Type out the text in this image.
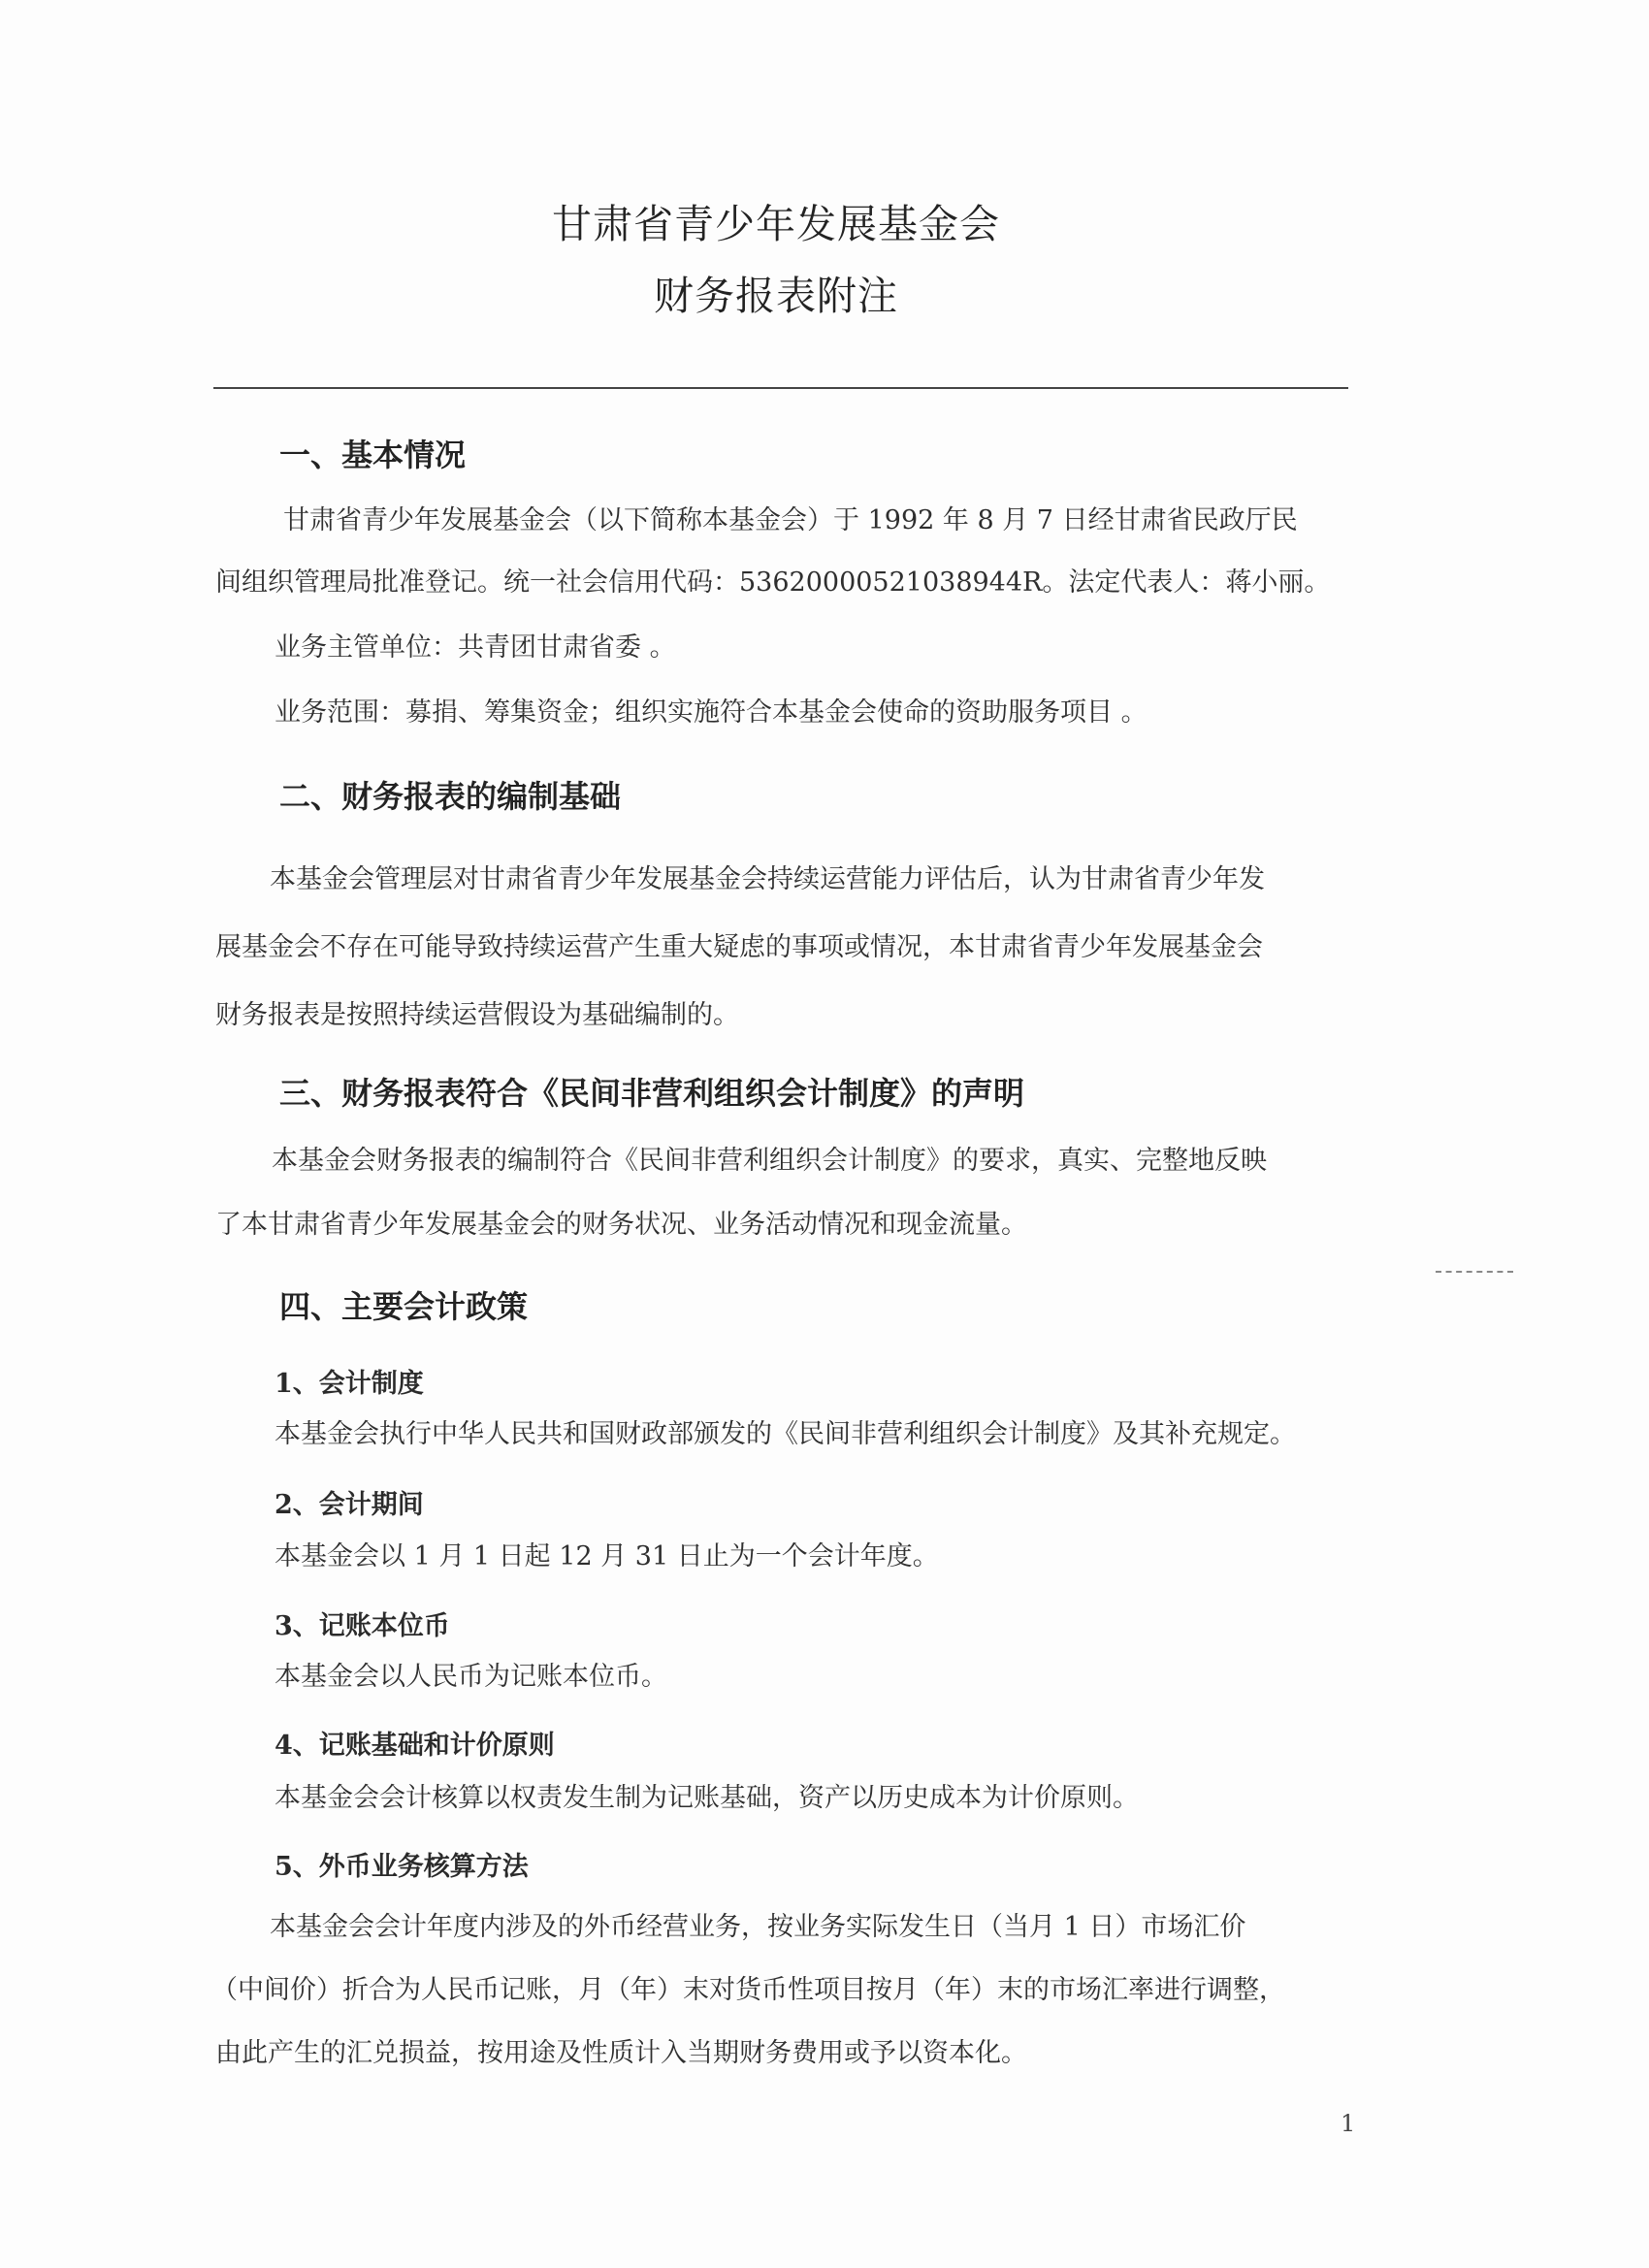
甘肃省青少年发展基金会
财务报表附注
一、基本情况
甘肃省青少年发展基金会（以下简称本基金会）于 1992 年 8 月 7 日经甘肃省民政厅民
间组织管理局批准登记。统一社会信用代码：53620000521038944R。法定代表人：蒋小丽。
业务主管单位：共青团甘肃省委 。
业务范围：募捐、筹集资金；组织实施符合本基金会使命的资助服务项目 。
二、财务报表的编制基础
本基金会管理层对甘肃省青少年发展基金会持续运营能力评估后，认为甘肃省青少年发
展基金会不存在可能导致持续运营产生重大疑虑的事项或情况，本甘肃省青少年发展基金会
财务报表是按照持续运营假设为基础编制的。
三、财务报表符合《民间非营利组织会计制度》的声明
本基金会财务报表的编制符合《民间非营利组织会计制度》的要求，真实、完整地反映
了本甘肃省青少年发展基金会的财务状况、业务活动情况和现金流量。
四、主要会计政策
1、会计制度
本基金会执行中华人民共和国财政部颁发的《民间非营利组织会计制度》及其补充规定。
2、会计期间
本基金会以 1 月 1 日起 12 月 31 日止为一个会计年度。
3、记账本位币
本基金会以人民币为记账本位币。
4、记账基础和计价原则
本基金会会计核算以权责发生制为记账基础，资产以历史成本为计价原则。
5、外币业务核算方法
本基金会会计年度内涉及的外币经营业务，按业务实际发生日（当月 1 日）市场汇价
（中间价）折合为人民币记账，月（年）末对货币性项目按月（年）末的市场汇率进行调整，
由此产生的汇兑损益，按用途及性质计入当期财务费用或予以资本化。
1
